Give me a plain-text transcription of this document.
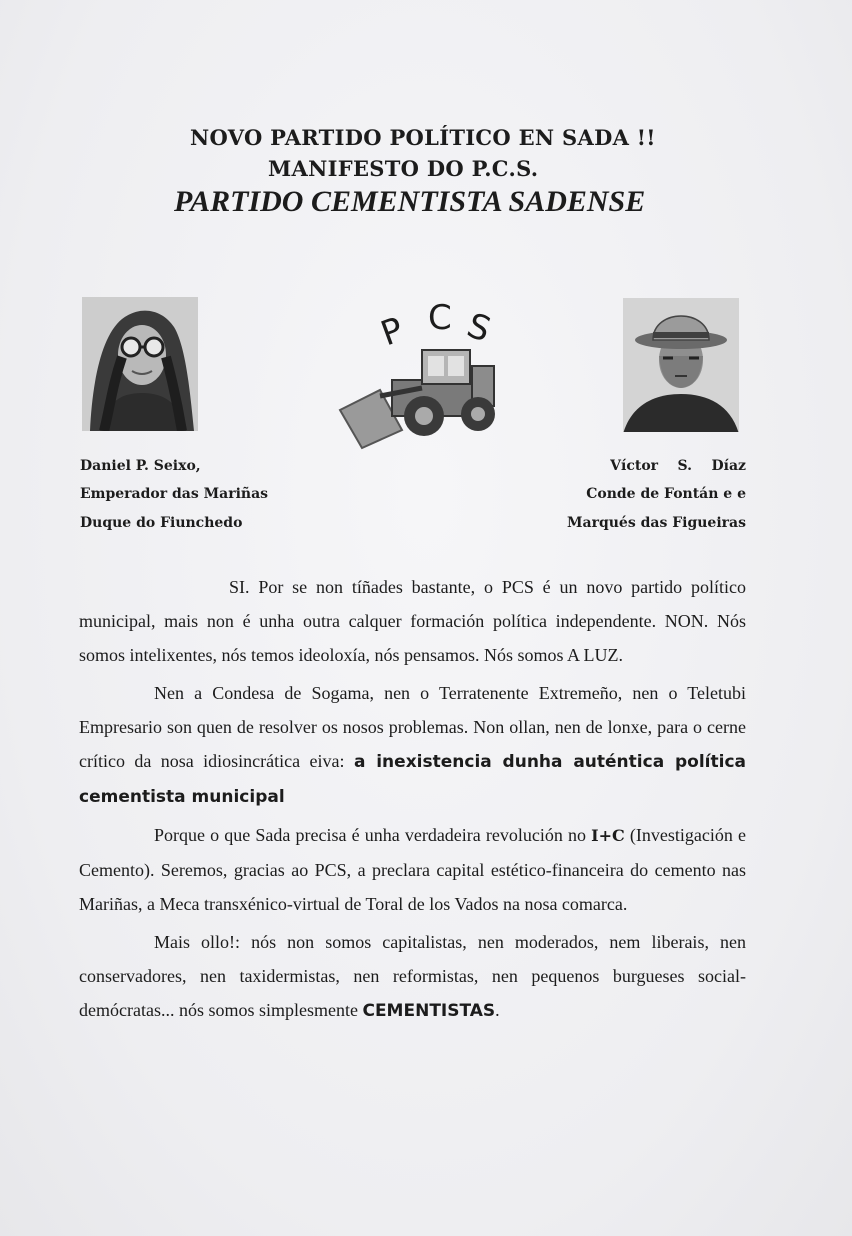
NOVO PARTIDO POLÍTICO EN SADA !!
MANIFESTO DO P.C.S.
PARTIDO CEMENTISTA SADENSE
P C S
Daniel P. Seixo,
Emperador das Mariñas
Duque do Fiunchedo
Víctor    S.    Díaz
Conde de Fontán e e
Marqués das Figueiras

SI. Por se non tíñades bastante, o PCS é un novo partido político municipal, mais non é unha outra calquer formación política independente. NON. Nós somos intelixentes, nós temos ideoloxía, nós pensamos. Nós somos A LUZ.

Nen a Condesa de Sogama, nen o Terratenente Extremeño, nen o Teletubi Empresario son quen de resolver os nosos problemas. Non ollan, nen de lonxe, para o cerne crítico da nosa idiosincrática eiva: a inexistencia dunha auténtica política cementista municipal

Porque o que Sada precisa é unha verdadeira revolución no I+C (Investigación e Cemento). Seremos, gracias ao PCS, a preclara capital estético-financeira do cemento nas Mariñas, a Meca transxénico-virtual de Toral de los Vados na nosa comarca.

Mais ollo!: nós non somos capitalistas, nen moderados, nem liberais, nen conservadores, nen taxidermistas, nen reformistas, nen pequenos burgueses social-demócratas... nós somos simplesmente CEMENTISTAS.
